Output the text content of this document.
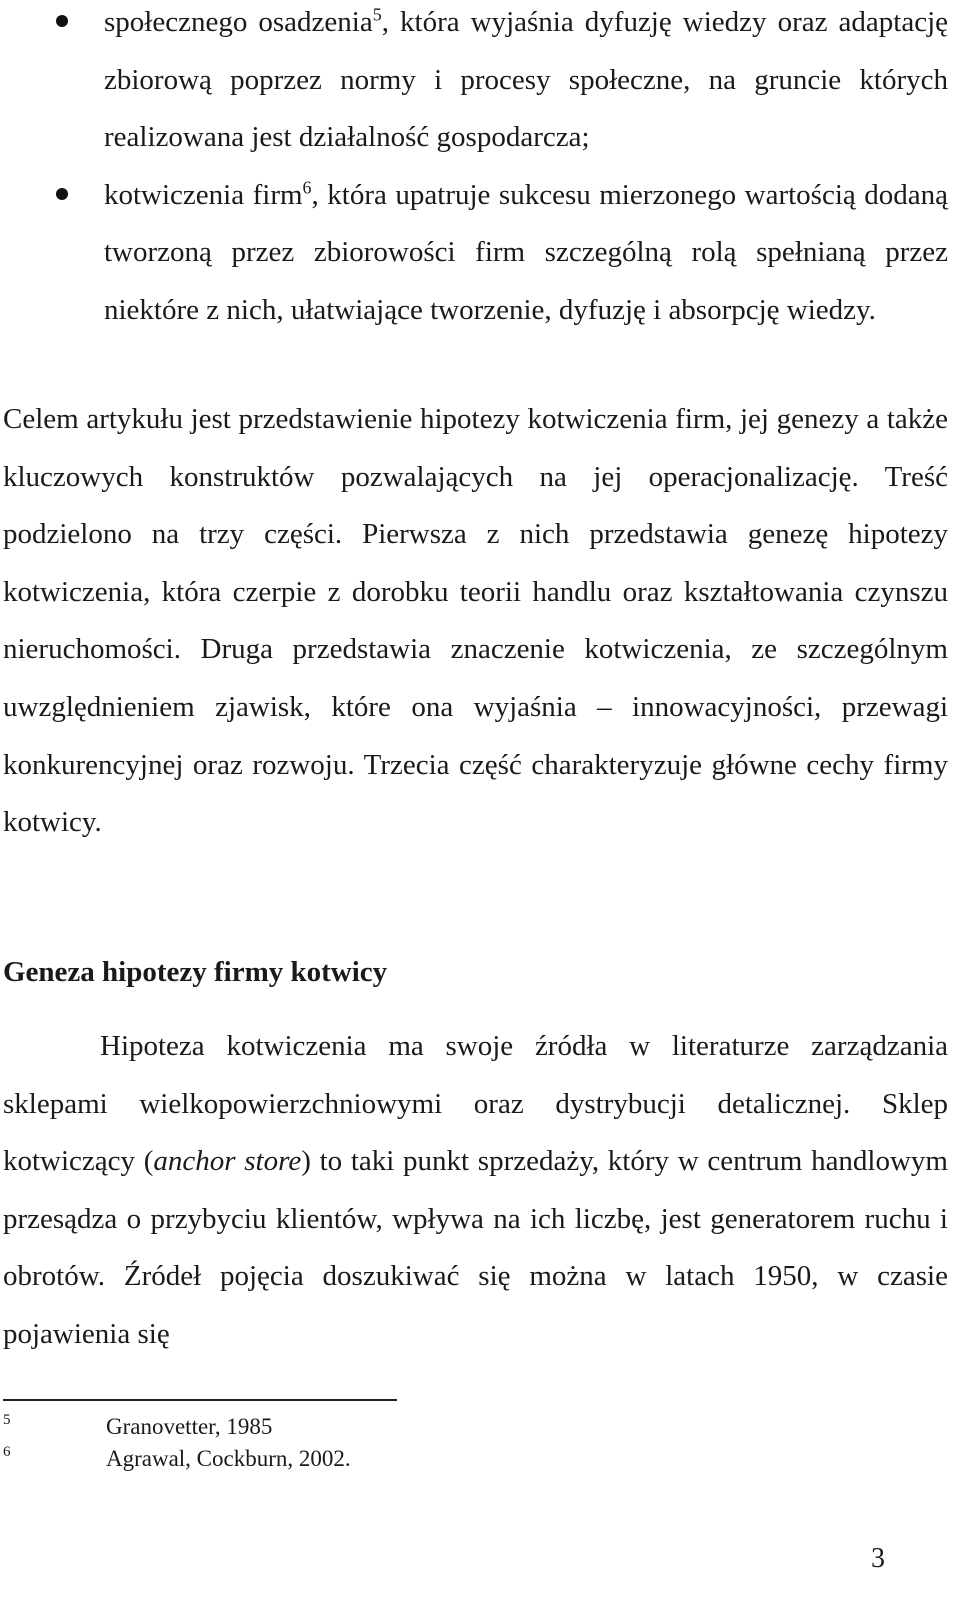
społecznego osadzenia$^5$, która wyjaśnia dyfuzję wiedzy oraz adaptację zbiorową poprzez normy i procesy społeczne, na gruncie których realizowana jest działalność gospodarcza;
kotwiczenia firm$^6$, która upatruje sukcesu mierzonego wartością dodaną tworzoną przez zbiorowości firm szczególną rolą spełnianą przez niektóre z nich, ułatwiające tworzenie, dyfuzję i absorpcję wiedzy.

Celem artykułu jest przedstawienie hipotezy kotwiczenia firm, jej genezy a także kluczowych konstruktów pozwalających na jej operacjonalizację. Treść podzielono na trzy części. Pierwsza z nich przedstawia genezę hipotezy kotwiczenia, która czerpie z dorobku teorii handlu oraz kształtowania czynszu nieruchomości. Druga przedstawia znaczenie kotwiczenia, ze szczególnym uwzględnieniem zjawisk, które ona wyjaśnia – innowacyjności, przewagi konkurencyjnej oraz rozwoju. Trzecia część charakteryzuje główne cechy firmy kotwicy.

Geneza hipotezy firmy kotwicy

Hipoteza kotwiczenia ma swoje źródła w literaturze zarządzania sklepami wielkopowierzchniowymi oraz dystrybucji detalicznej. Sklep kotwiczący (anchor store) to taki punkt sprzedaży, który w centrum handlowym przesądza o przybyciu klientów, wpływa na ich liczbę, jest generatorem ruchu i obrotów. Źródeł pojęcia doszukiwać się można w latach 1950, w czasie pojawienia się

5	Granovetter, 1985
6	Agrawal, Cockburn, 2002.
3
